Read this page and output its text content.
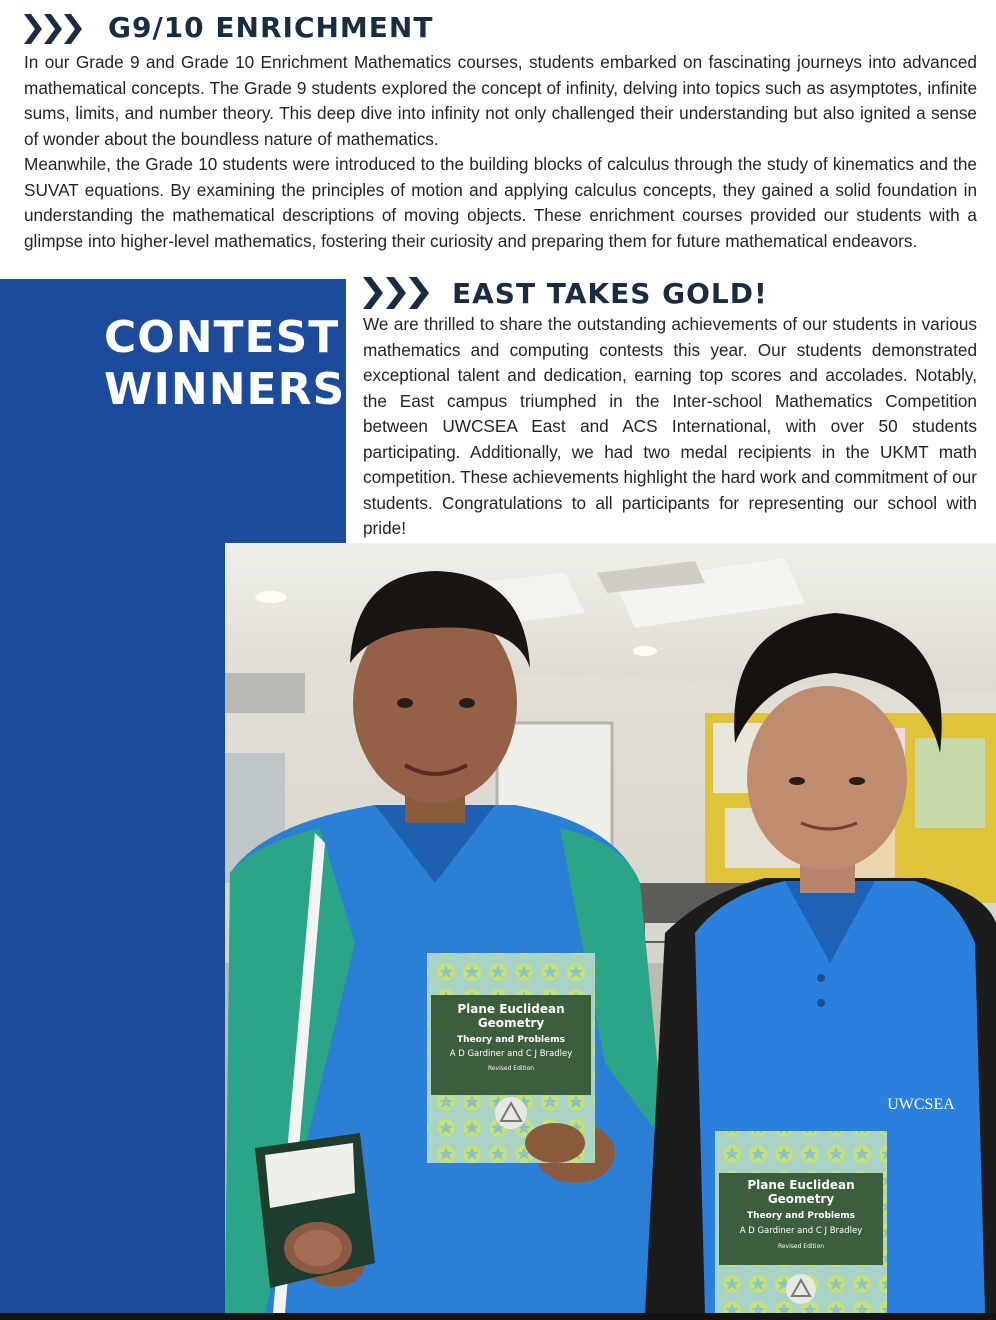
G9/10 ENRICHMENT

In our Grade 9 and Grade 10 Enrichment Mathematics courses, students embarked on fascinating journeys into advanced mathematical concepts. The Grade 9 students explored the concept of infinity, delving into topics such as asymptotes, infinite sums, limits, and number theory. This deep dive into infinity not only challenged their understanding but also ignited a sense of wonder about the boundless nature of mathematics.

Meanwhile, the Grade 10 students were introduced to the building blocks of calculus through the study of kinematics and the SUVAT equations. By examining the principles of motion and applying calculus concepts, they gained a solid foundation in understanding the mathematical descriptions of moving objects. These enrichment courses provided our students with a glimpse into higher-level mathematics, fostering their curiosity and preparing them for future mathematical endeavors.

CONTEST
WINNERS
EAST TAKES GOLD!

We are thrilled to share the outstanding achievements of our students in various mathematics and computing contests this year. Our students demonstrated exceptional talent and dedication, earning top scores and accolades. Notably, the East campus triumphed in the Inter-school Mathematics Competition between UWCSEA East and ACS International, with over 50 students participating. Additionally, we had two medal recipients in the UKMT math competition. These achievements highlight the hard work and commitment of our students. Congratulations to all participants for representing our school with pride!

Plane Euclidean
Geometry
Theory and Problems
A D Gardiner and C J Bradley
Revised Edition
UWCSEA
Plane Euclidean
Geometry
Theory and Problems
A D Gardiner and C J Bradley
Revised Edition
